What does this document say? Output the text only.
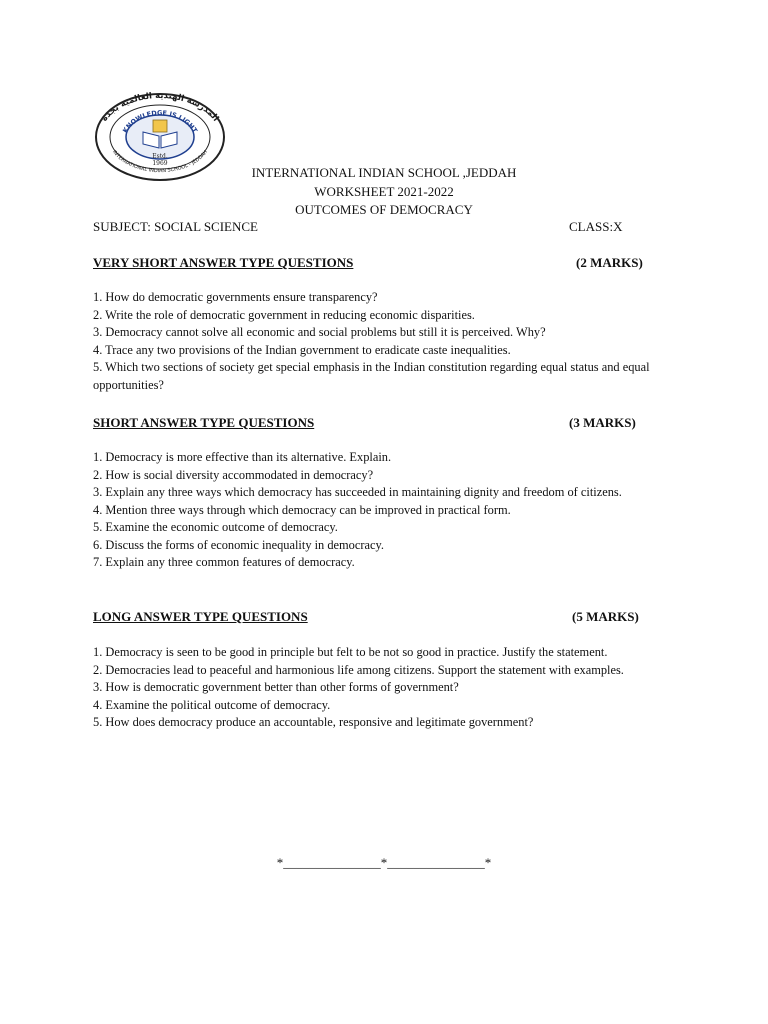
المدرسة الهندية العالمية بجدة
KNOWLEDGE IS LIGHT
INTERNATIONAL INDIAN SCHOOL - JEDDAH
Estd.
1969
INTERNATIONAL INDIAN SCHOOL ,JEDDAH
WORKSHEET 2021-2022
OUTCOMES OF DEMOCRACY
SUBJECT: SOCIAL SCIENCE	CLASS:X
VERY SHORT ANSWER TYPE QUESTIONS	(2 MARKS)
1. How do democratic governments ensure transparency?
2. Write the role of democratic government in reducing economic disparities.
3. Democracy cannot solve all economic and social problems but still it is perceived. Why?
4. Trace any two provisions of the Indian government to eradicate caste inequalities.
5. Which two sections of society get special emphasis in the Indian constitution regarding equal status and equal opportunities?
SHORT ANSWER TYPE QUESTIONS	(3 MARKS)
1. Democracy is more effective than its alternative. Explain.
2. How is social diversity accommodated in democracy?
3. Explain any three ways which democracy has succeeded in maintaining dignity and freedom of citizens.
4. Mention three ways through which democracy can be improved in practical form.
5. Examine the economic outcome of democracy.
6. Discuss the forms of economic inequality in democracy.
7. Explain any three common features of democracy.
LONG ANSWER TYPE QUESTIONS	(5 MARKS)
1. Democracy is seen to be good in principle but felt to be not so good in practice. Justify the statement.
2. Democracies lead to peaceful and harmonious life among citizens. Support the statement with examples.
3. How is democratic government better than other forms of government?
4. Examine the political outcome of democracy.
5. How does democracy produce an accountable, responsive and legitimate government?
*_______________*_______________*
